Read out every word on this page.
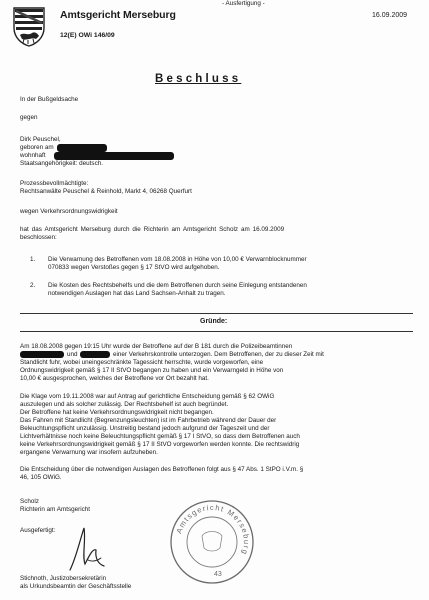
- Ausfertigung -
Amtsgericht Merseburg
12(E) OWi 146/09
16.09.2009
Beschluss
In der Bußgeldsache
gegen
Dirk Peuschel,
geboren am
wohnhaft
Staatsangehörigkeit: deutsch.
Prozessbevollmächtigte:
Rechtsanwälte Peuschel & Reinhold, Markt 4, 06268 Querfurt
wegen Verkehrsordnungswidrigkeit
hat das Amtsgericht Merseburg durch die Richterin am Amtsgericht Scholz am 16.09.2009
beschlossen:
1. Die Verwarnung des Betroffenen vom 18.08.2008 in Höhe von 10,00 € Verwarnblocknummer
070833 wegen Verstoßes gegen § 17 StVO wird aufgehoben.
2. Die Kosten des Rechtsbehelfs und die dem Betroffenen durch seine Einlegung entstandenen
notwendigen Auslagen hat das Land Sachsen-Anhalt zu tragen.
Gründe:
Am 18.08.2008 gegen 19:15 Uhr wurde der Betroffene auf der B 181 durch die Polizeibeamtinnen
und	einer Verkehrskontrolle unterzogen. Dem Betroffenen, der zu dieser Zeit mit
Standlicht fuhr, wobei uneingeschränkte Tagessicht herrschte, wurde vorgeworfen, eine
Ordnungswidrigkeit gemäß § 17 II StVO begangen zu haben und ein Verwarngeld in Höhe von
10,00 € ausgesprochen, welches der Betroffene vor Ort bezahlt hat.
Die Klage vom 19.11.2008 war auf Antrag auf gerichtliche Entscheidung gemäß § 62 OWiG
auszulegen und als solcher zulässig. Der Rechtsbehelf ist auch begründet.
Der Betroffene hat keine Verkehrsordnungswidrigkeit nicht begangen.
Das Fahren mit Standlicht (Begrenzungsleuchten) ist im Fahrbetrieb während der Dauer der
Beleuchtungspflicht unzulässig. Unstreitig bestand jedoch aufgrund der Tageszeit und der
Lichtverhältnisse noch keine Beleuchtungspflicht gemäß § 17 I StVO, so dass dem Betroffenen auch
keine Verkehrsordnungswidrigkeit gemäß § 17 II StVO vorgeworfen werden konnte. Die rechtswidrig
ergangene Verwarnung war insofern aufzuheben.
Die Entscheidung über die notwendigen Auslagen des Betroffenen folgt aus § 47 Abs. 1 StPO i.V.m. §
46, 105 OWiG.
Scholz
Richterin am Amtsgericht
Ausgefertigt:
Stichnoth, Justizobersekretärin
als Urkundsbeamtin der Geschäftsstelle
Amtsgericht Merseburg
43
